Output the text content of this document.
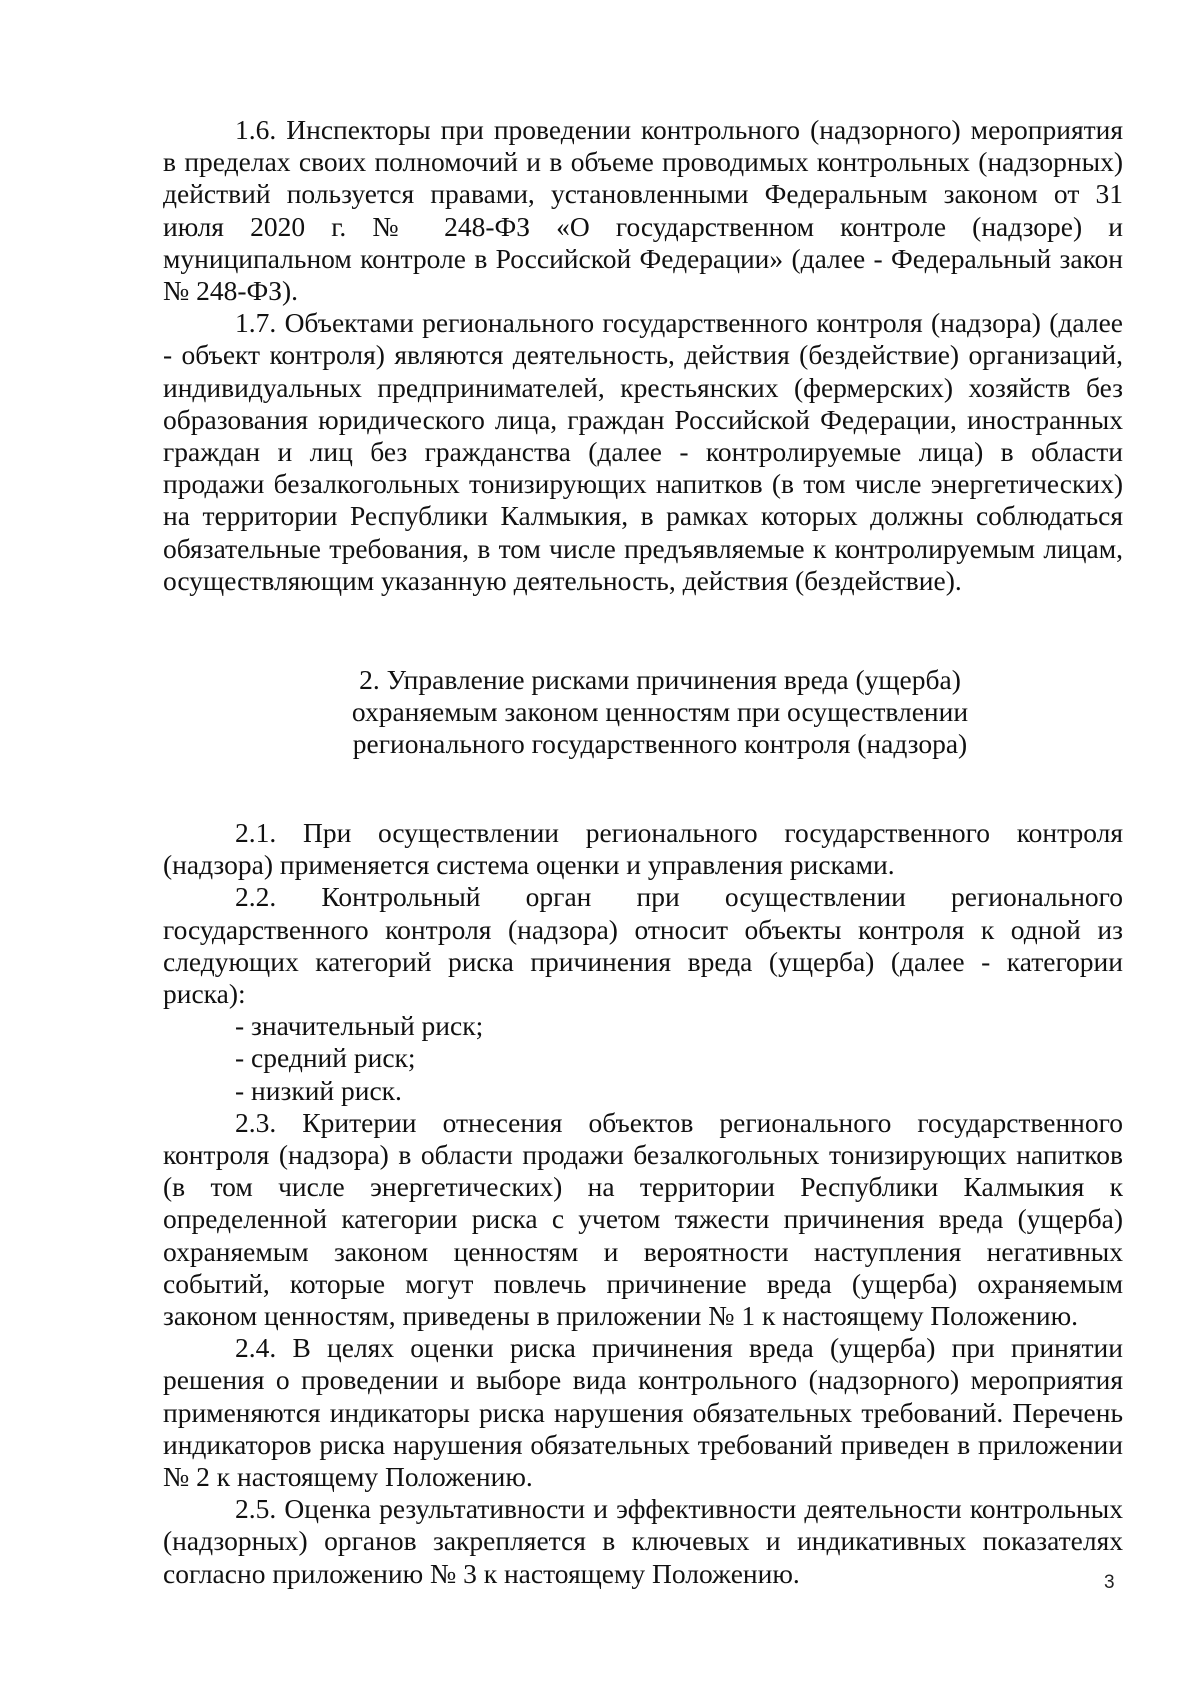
1.6. Инспекторы при проведении контрольного (надзорного) мероприятия в пределах своих полномочий и в объеме проводимых контрольных (надзорных) действий пользуется правами, установленными Федеральным законом от 31 июля 2020 г. № 248-ФЗ «О государственном контроле (надзоре) и муниципальном контроле в Российской Федерации» (далее - Федеральный закон № 248-ФЗ).

1.7. Объектами регионального государственного контроля (надзора) (далее - объект контроля) являются деятельность, действия (бездействие) организаций, индивидуальных предпринимателей, крестьянских (фермерских) хозяйств без образования юридического лица, граждан Российской Федерации, иностранных граждан и лиц без гражданства (далее - контролируемые лица) в области продажи безалкогольных тонизирующих напитков (в том числе энергетических) на территории Республики Калмыкия, в рамках которых должны соблюдаться обязательные требования, в том числе предъявляемые к контролируемым лицам, осуществляющим указанную деятельность, действия (бездействие).

2. Управление рисками причинения вреда (ущерба)
охраняемым законом ценностям при осуществлении
регионального государственного контроля (надзора)

2.1. При осуществлении регионального государственного контроля (надзора) применяется система оценки и управления рисками.

2.2. Контрольный орган при осуществлении регионального государственного контроля (надзора) относит объекты контроля к одной из следующих категорий риска причинения вреда (ущерба) (далее - категории риска):

- значительный риск;

- средний риск;

- низкий риск.

2.3. Критерии отнесения объектов регионального государственного контроля (надзора) в области продажи безалкогольных тонизирующих напитков (в том числе энергетических) на территории Республики Калмыкия к определенной категории риска с учетом тяжести причинения вреда (ущерба) охраняемым законом ценностям и вероятности наступления негативных событий, которые могут повлечь причинение вреда (ущерба) охраняемым законом ценностям, приведены в приложении № 1 к настоящему Положению.

2.4. В целях оценки риска причинения вреда (ущерба) при принятии решения о проведении и выборе вида контрольного (надзорного) мероприятия применяются индикаторы риска нарушения обязательных требований. Перечень индикаторов риска нарушения обязательных требований приведен в приложении № 2 к настоящему Положению.

2.5. Оценка результативности и эффективности деятельности контрольных (надзорных) органов закрепляется в ключевых и индикативных показателях согласно приложению № 3 к настоящему Положению.	3
